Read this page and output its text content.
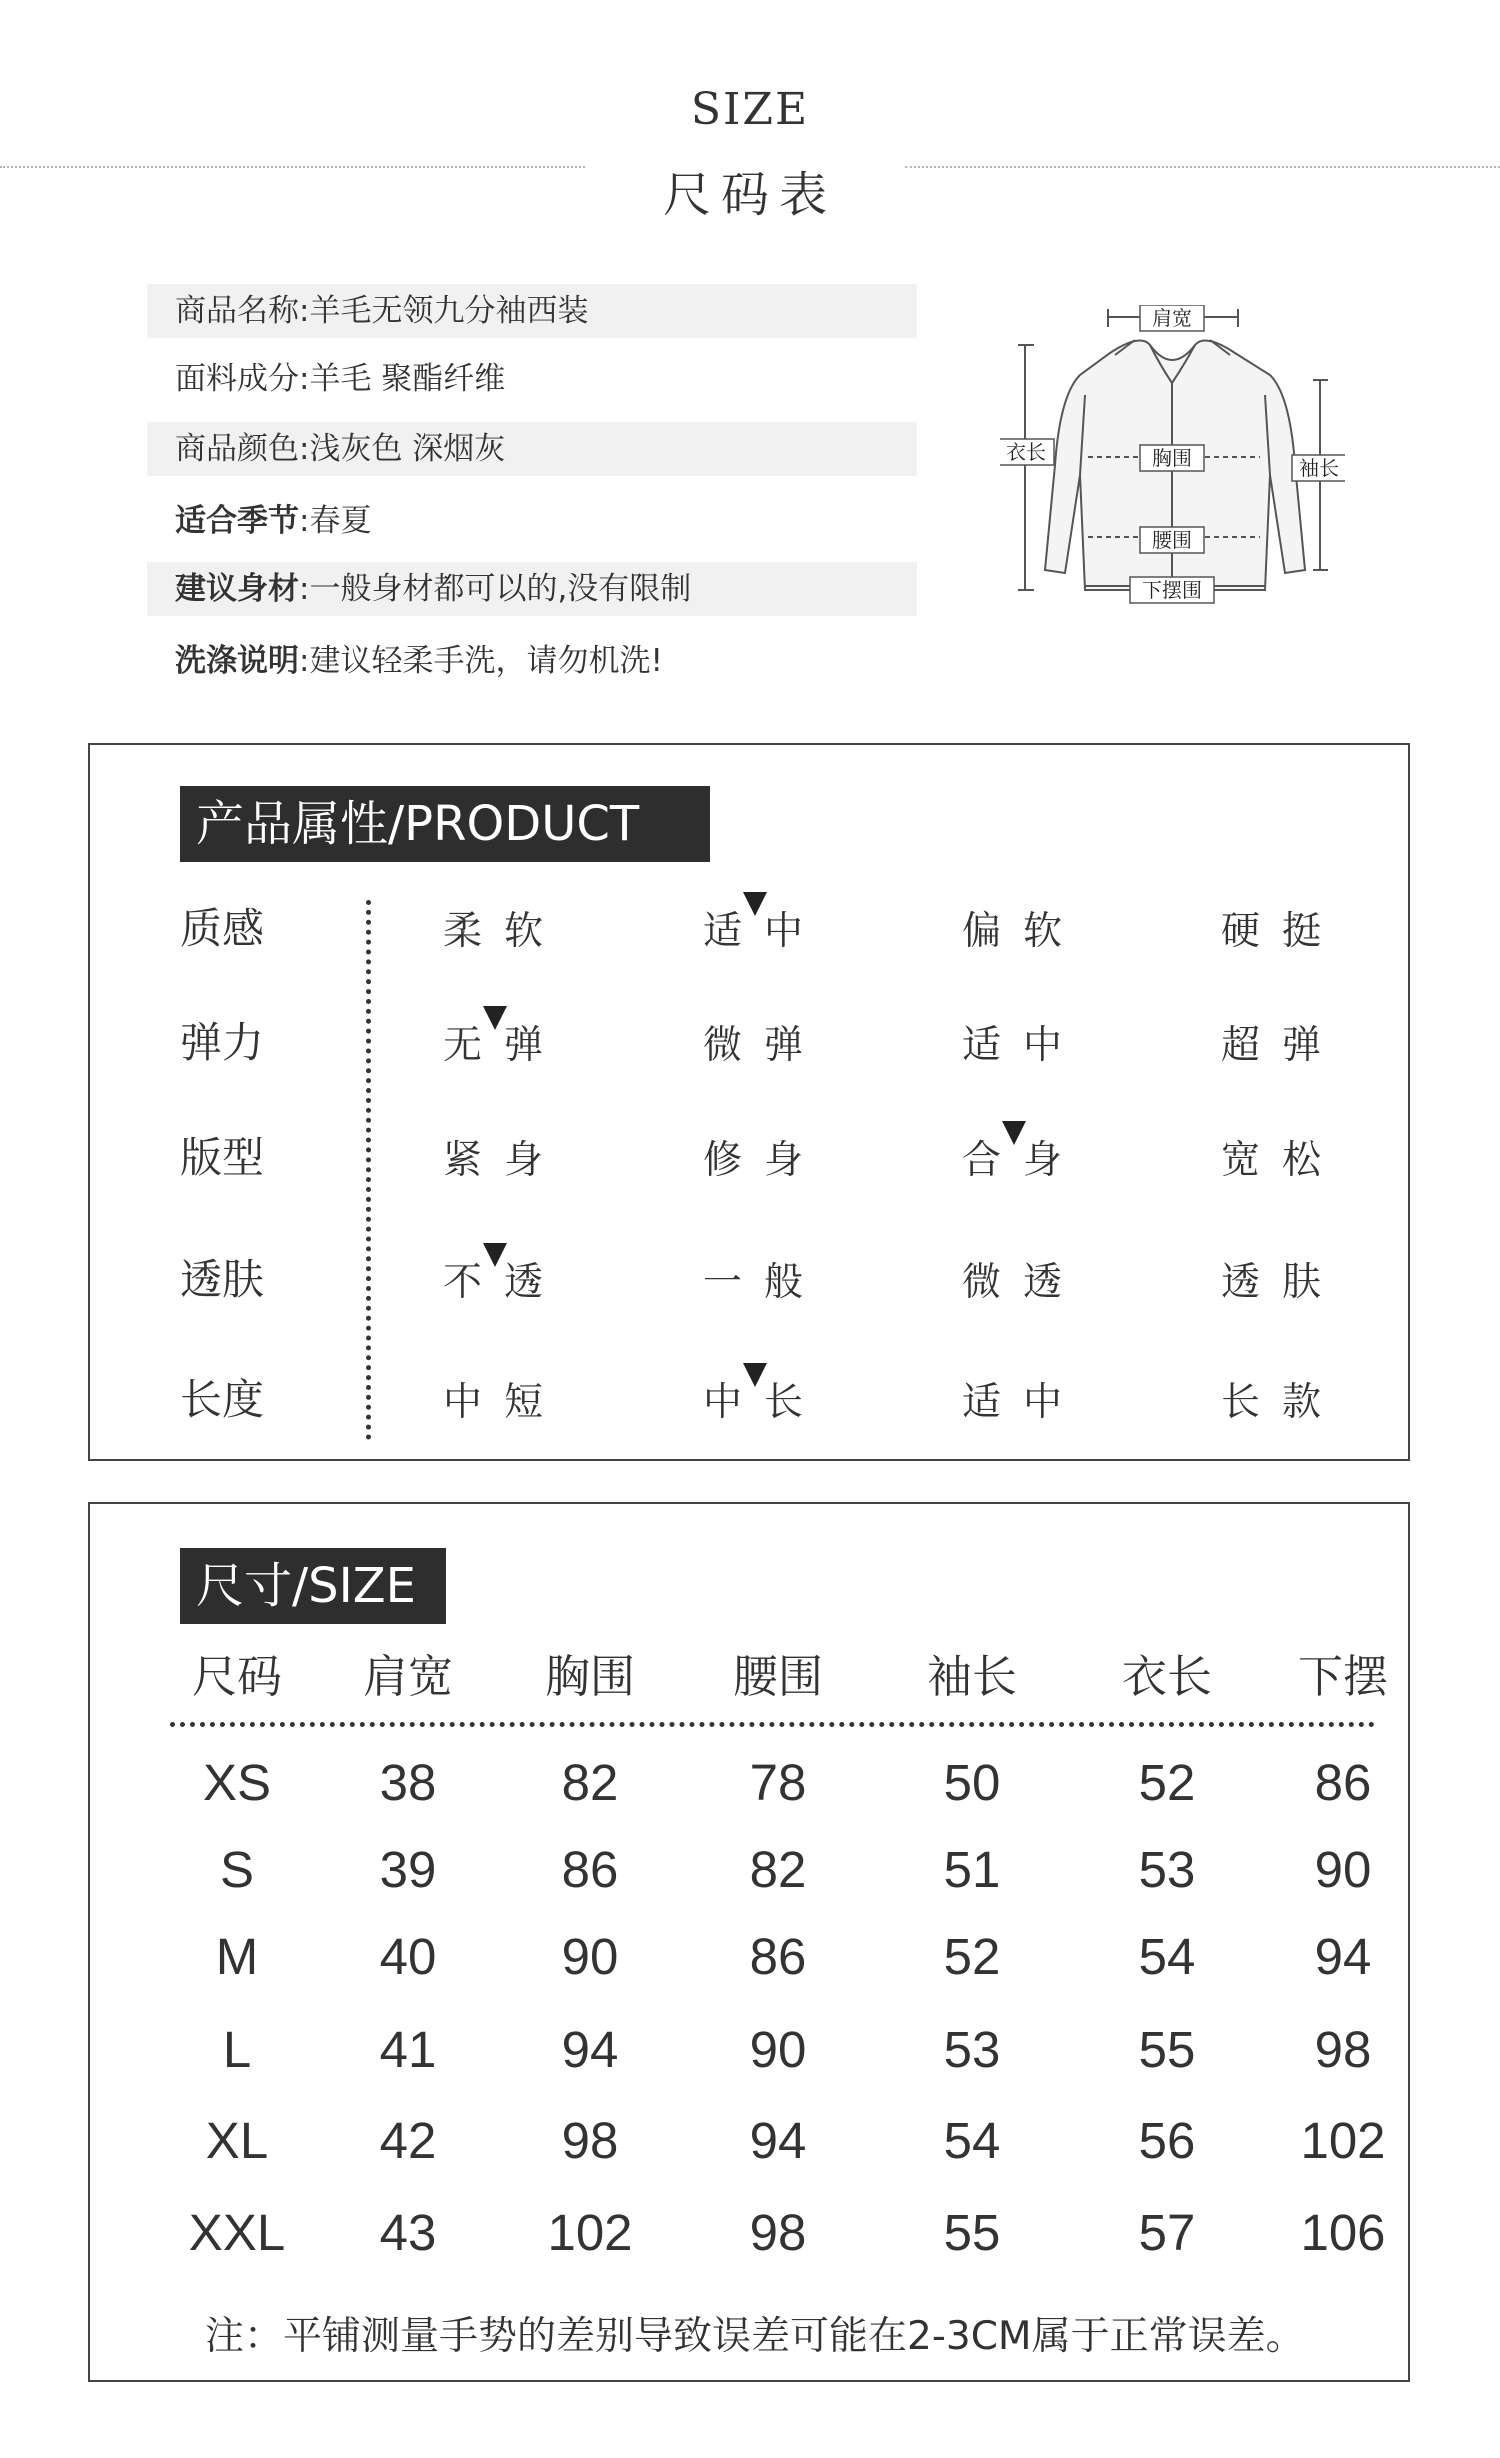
SIZE
尺码表
商品名称:羊毛无领九分袖西装
面料成分:羊毛 聚酯纤维
商品颜色:浅灰色 深烟灰
适合季节:春夏
建议身材:一般身材都可以的,没有限制
洗涤说明:建议轻柔手洗，请勿机洗!
肩宽
衣长	胸围	袖长
腰围
下摆围
产品属性/PRODUCT
质感	柔软	适中	偏软	硬挺
弹力	无弹	微弹	适中	超弹
版型	紧身	修身	合身	宽松
透肤	不透	一般	微透	透肤
长度	中短	中长	适中	长款
尺寸/SIZE
尺码	肩宽	胸围	腰围	袖长	衣长	下摆
XS	38	82	78	50	52	86
S	39	86	82	51	53	90
M	40	90	86	52	54	94
L	41	94	90	53	55	98
XL	42	98	94	54	56	102
XXL	43	102	98	55	57	106
注：平铺测量手势的差别导致误差可能在2-3CM属于正常误差。
